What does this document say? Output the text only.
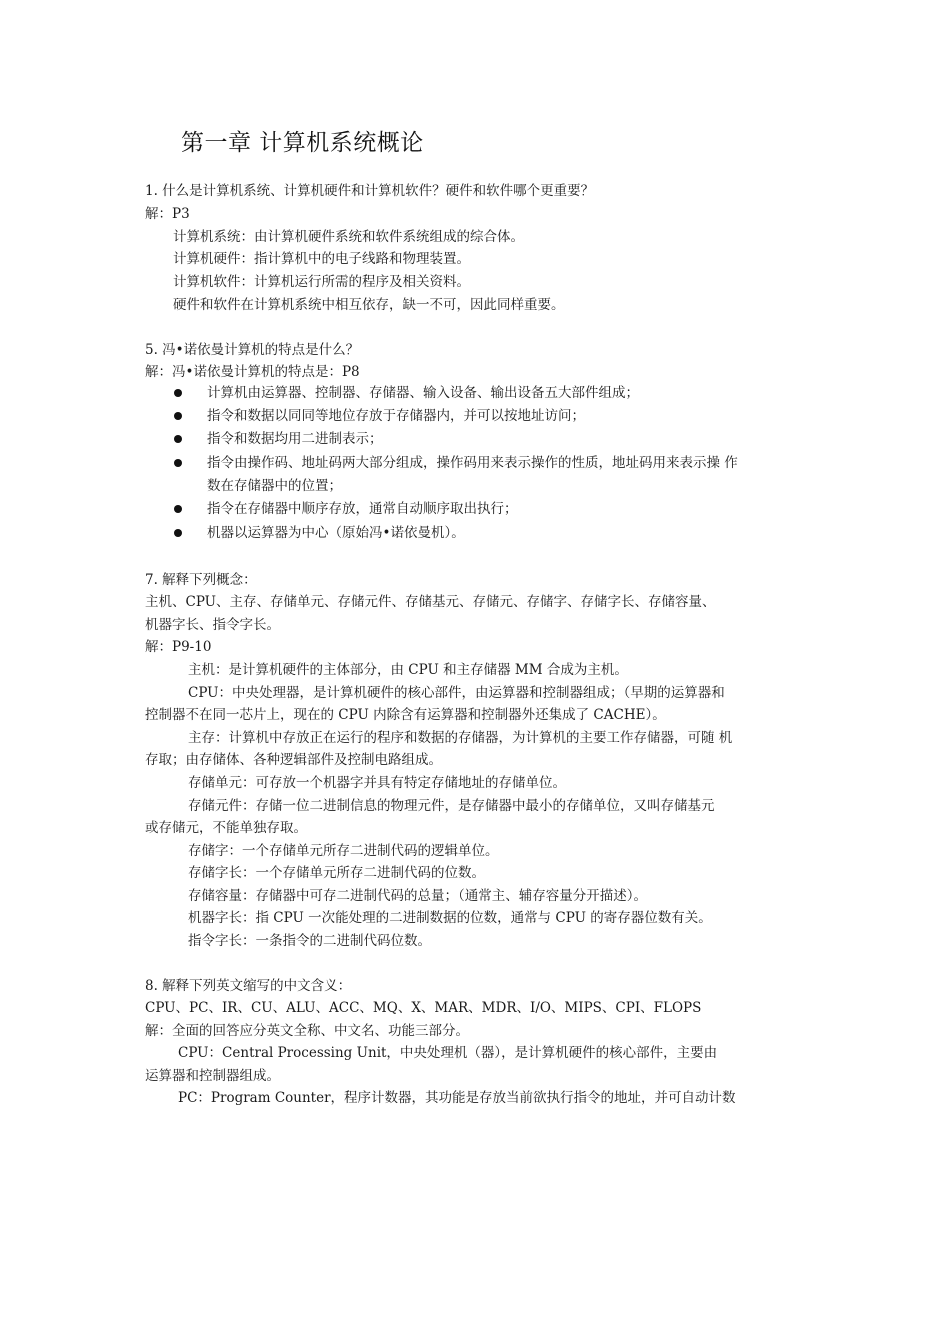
第一章 计算机系统概论
1. 什么是计算机系统、计算机硬件和计算机软件？硬件和软件哪个更重要？
解：P3
计算机系统：由计算机硬件系统和软件系统组成的综合体。
计算机硬件：指计算机中的电子线路和物理装置。
计算机软件：计算机运行所需的程序及相关资料。
硬件和软件在计算机系统中相互依存，缺一不可，因此同样重要。
5. 冯•诺依曼计算机的特点是什么？
解：冯•诺依曼计算机的特点是：P8
计算机由运算器、控制器、存储器、输入设备、输出设备五大部件组成；
指令和数据以同同等地位存放于存储器内，并可以按地址访问；
指令和数据均用二进制表示；
指令由操作码、地址码两大部分组成，操作码用来表示操作的性质，地址码用来表示操 作
数在存储器中的位置；
指令在存储器中顺序存放，通常自动顺序取出执行；
机器以运算器为中心（原始冯•诺依曼机）。
7. 解释下列概念：
主机、CPU、主存、存储单元、存储元件、存储基元、存储元、存储字、存储字长、存储容量、
机器字长、指令字长。
解：P9-10
主机：是计算机硬件的主体部分，由 CPU 和主存储器 MM 合成为主机。
CPU：中央处理器，是计算机硬件的核心部件，由运算器和控制器组成；（早期的运算器和
控制器不在同一芯片上，现在的 CPU 内除含有运算器和控制器外还集成了 CACHE）。
主存：计算机中存放正在运行的程序和数据的存储器，为计算机的主要工作存储器，可随 机
存取；由存储体、各种逻辑部件及控制电路组成。
存储单元：可存放一个机器字并具有特定存储地址的存储单位。
存储元件：存储一位二进制信息的物理元件，是存储器中最小的存储单位，又叫存储基元
或存储元，不能单独存取。
存储字：一个存储单元所存二进制代码的逻辑单位。
存储字长：一个存储单元所存二进制代码的位数。
存储容量：存储器中可存二进制代码的总量；（通常主、辅存容量分开描述）。
机器字长：指 CPU 一次能处理的二进制数据的位数，通常与 CPU 的寄存器位数有关。
指令字长：一条指令的二进制代码位数。
8. 解释下列英文缩写的中文含义：
CPU、PC、IR、CU、ALU、ACC、MQ、X、MAR、MDR、I/O、MIPS、CPI、FLOPS
解：全面的回答应分英文全称、中文名、功能三部分。
CPU：Central Processing Unit，中央处理机（器），是计算机硬件的核心部件，主要由
运算器和控制器组成。
PC：Program Counter，程序计数器，其功能是存放当前欲执行指令的地址，并可自动计数
